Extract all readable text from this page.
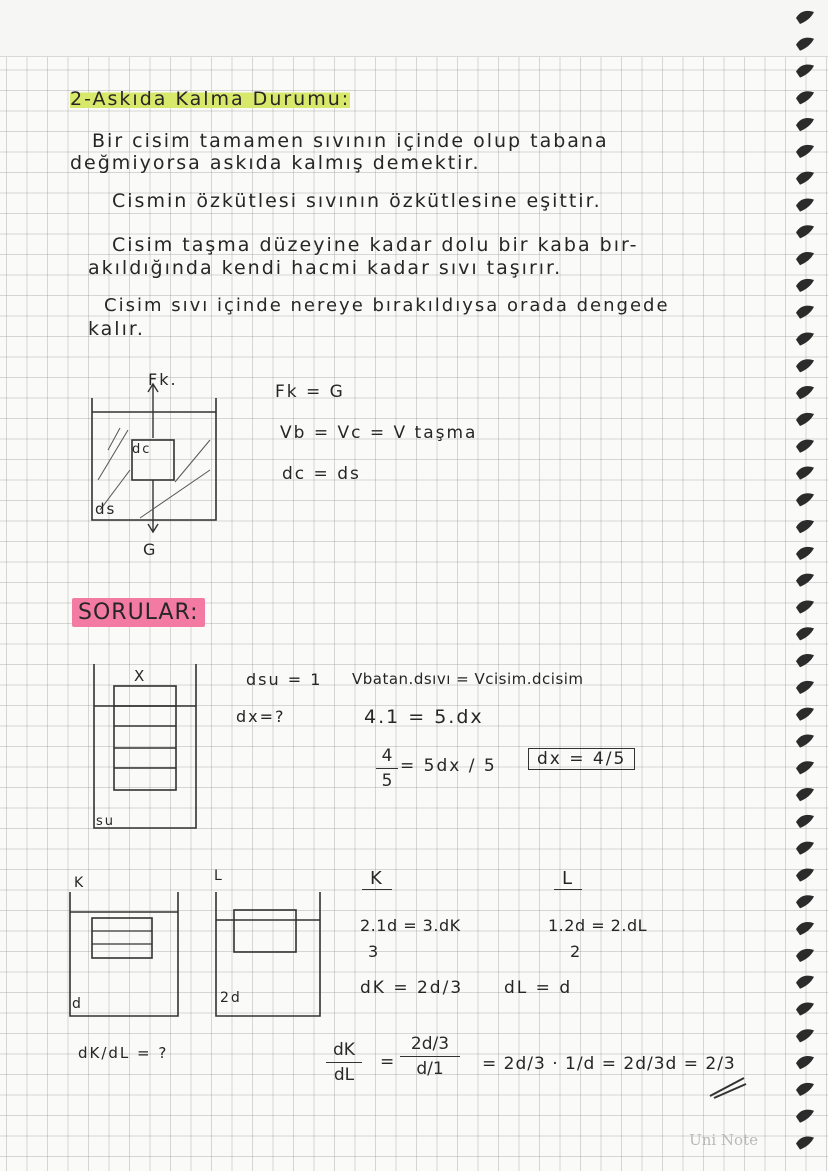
2-Askıda Kalma Durumu:
Bir cisim tamamen sıvının içinde olup tabana
değmiyorsa askıda kalmış demektir.
Cismin özkütlesi sıvının özkütlesine eşittir.
Cisim taşma düzeyine kadar dolu bir kaba bır-
akıldığında kendi hacmi kadar sıvı taşırır.
Cisim sıvı içinde nereye bırakıldıysa orada dengede
kalır.
Fk.
dc
ds
G
Fk = G
Vb = Vc = V taşma
dc = ds
SORULAR:
X
su
dsu = 1
dx=?
Vbatan.dsıvı = Vcisim.dcisim
4.1 = 5.dx
4
5
= 5dx / 5	dx = 4/5
K	L
d	2d
K	L
2.1d = 3.dK
3
1.2d = 2.dL
2
dK = 2d/3 dL = d
dK/dL = ?	dK
dL
=
2d/3
d/1	= 2d/3 · 1/d = 2d/3d = 2/3
Uni Note
